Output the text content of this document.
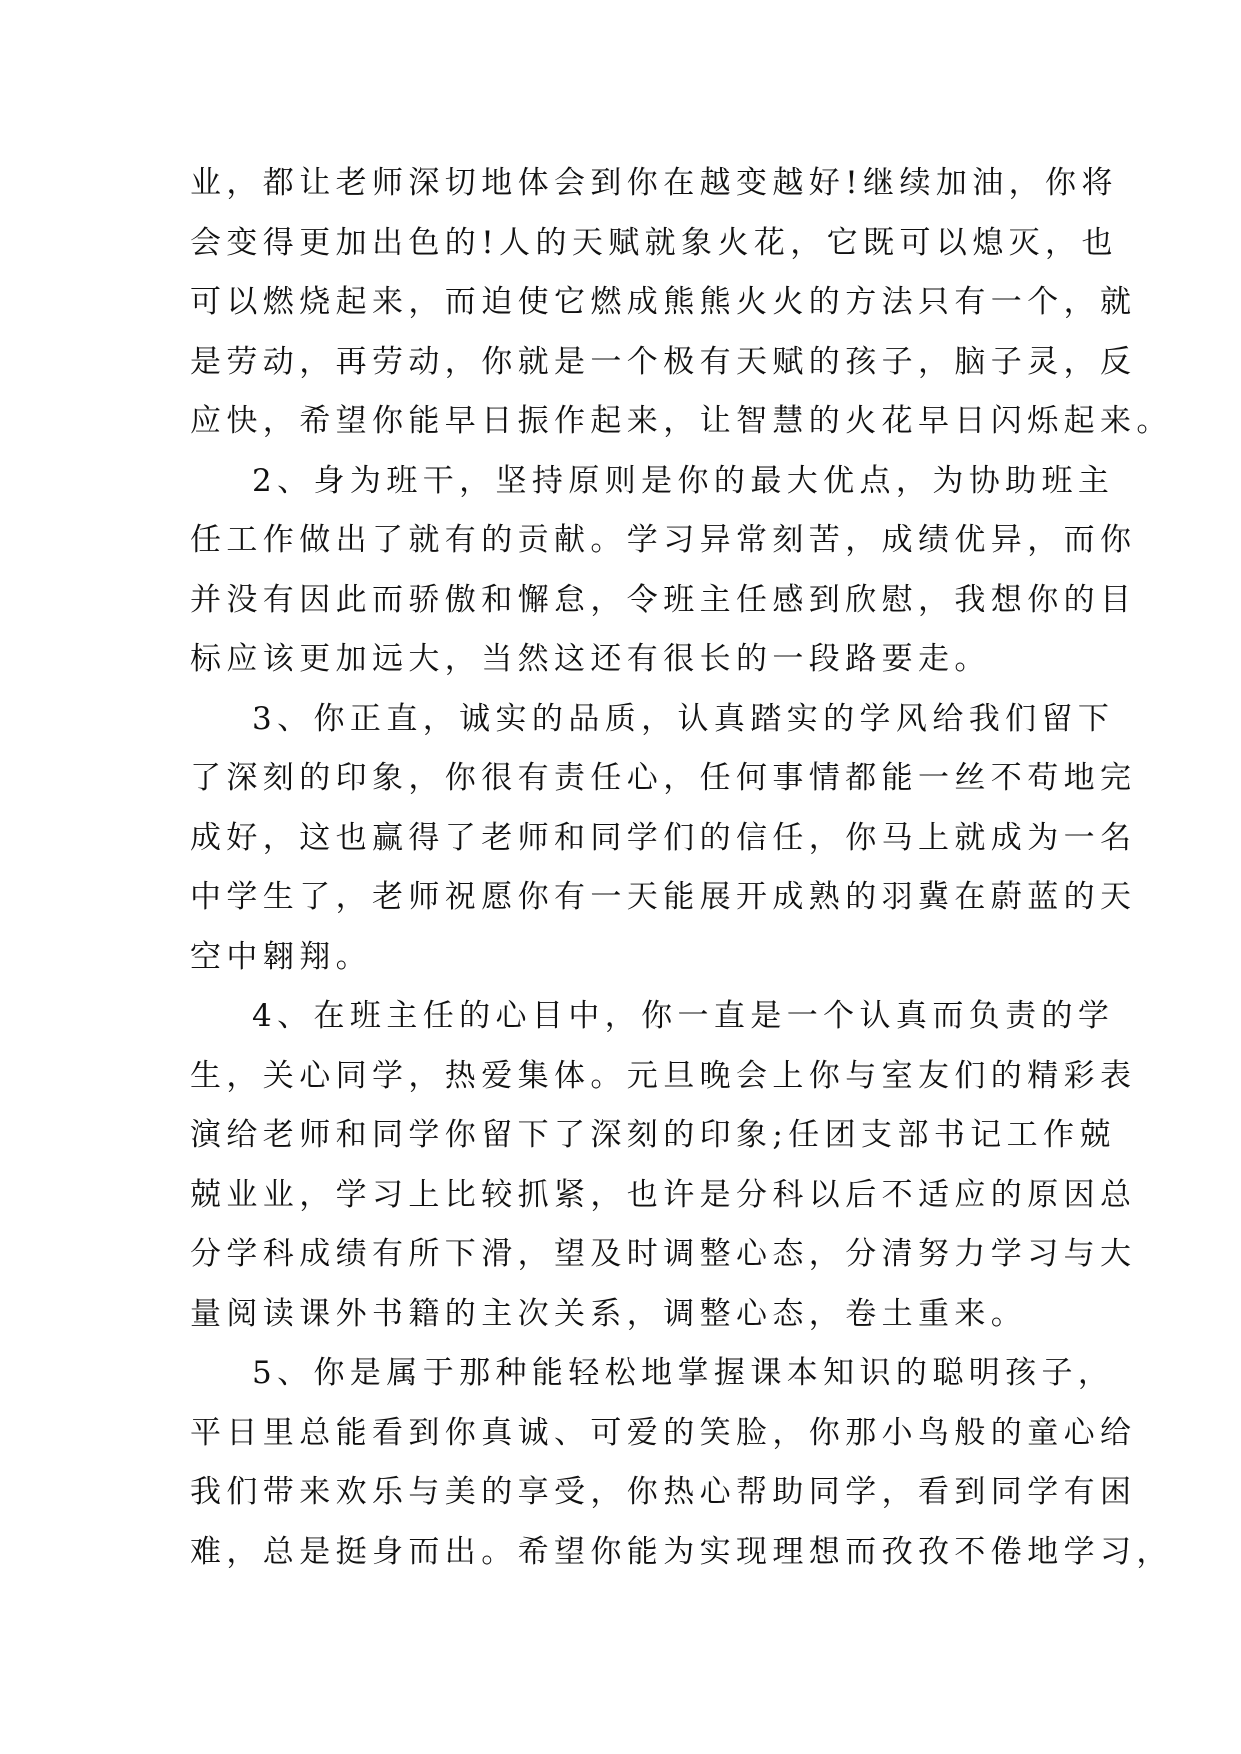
业，都让老师深切地体会到你在越变越好!继续加油，你将
会变得更加出色的!人的天赋就象火花，它既可以熄灭，也
可以燃烧起来，而迫使它燃成熊熊火火的方法只有一个，就
是劳动，再劳动，你就是一个极有天赋的孩子，脑子灵，反
应快，希望你能早日振作起来，让智慧的火花早日闪烁起来。
2、身为班干，坚持原则是你的最大优点，为协助班主
任工作做出了就有的贡献。学习异常刻苦，成绩优异，而你
并没有因此而骄傲和懈怠，令班主任感到欣慰，我想你的目
标应该更加远大，当然这还有很长的一段路要走。
3、你正直，诚实的品质，认真踏实的学风给我们留下
了深刻的印象，你很有责任心，任何事情都能一丝不苟地完
成好，这也赢得了老师和同学们的信任，你马上就成为一名
中学生了，老师祝愿你有一天能展开成熟的羽冀在蔚蓝的天
空中翱翔。
4、在班主任的心目中，你一直是一个认真而负责的学
生，关心同学，热爱集体。元旦晚会上你与室友们的精彩表
演给老师和同学你留下了深刻的印象;任团支部书记工作兢
兢业业，学习上比较抓紧，也许是分科以后不适应的原因总
分学科成绩有所下滑，望及时调整心态，分清努力学习与大
量阅读课外书籍的主次关系，调整心态，卷土重来。
5、你是属于那种能轻松地掌握课本知识的聪明孩子，
平日里总能看到你真诚、可爱的笑脸，你那小鸟般的童心给
我们带来欢乐与美的享受，你热心帮助同学，看到同学有困
难，总是挺身而出。希望你能为实现理想而孜孜不倦地学习，
